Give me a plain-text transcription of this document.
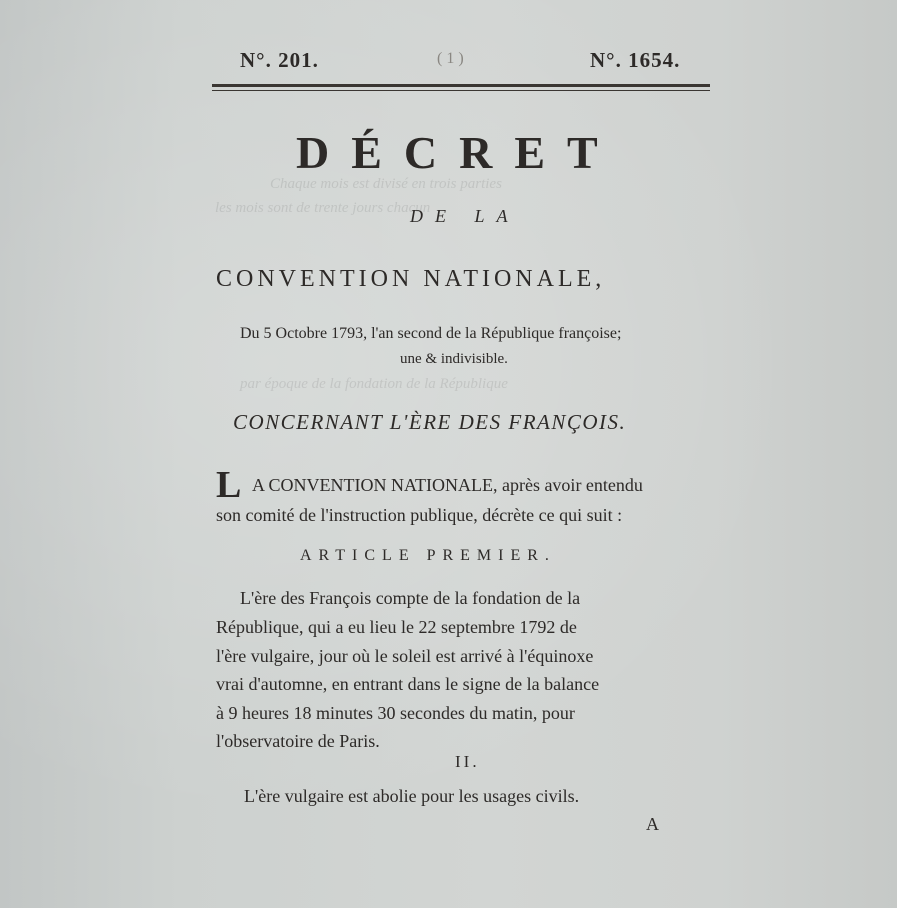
Chaque mois est divisé en trois parties
les mois sont de trente jours chacun
par époque de la fondation de la République
N°. 201.	( 1 )	N°. 1654.
DÉCRET
DE LA
CONVENTION NATIONALE,
Du 5 Octobre 1793, l'an second de la République françoise;
une & indivisible.
CONCERNANT L'ÈRE DES FRANÇOIS.
L A CONVENTION NATIONALE, après avoir entendu
son comité de l'instruction publique, décrète ce qui suit :
ARTICLE PREMIER.
L'ère des François compte de la fondation de la
République, qui a eu lieu le 22 septembre 1792 de
l'ère vulgaire, jour où le soleil est arrivé à l'équinoxe
vrai d'automne, en entrant dans le signe de la balance
à 9 heures 18 minutes 30 secondes du matin, pour
l'observatoire de Paris.
II.
L'ère vulgaire est abolie pour les usages civils.
A
